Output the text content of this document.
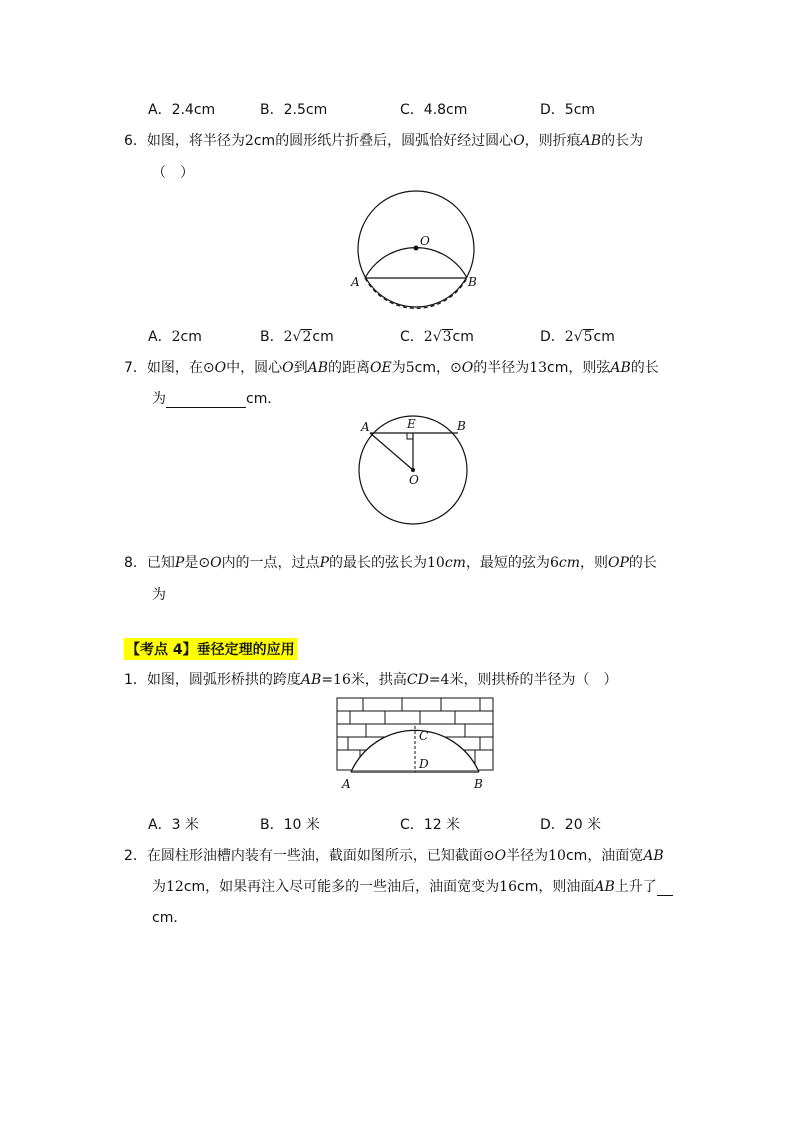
A．2.4cm	B．2.5cm	C．4.8cm	D．5cm
6．如图，将半径为2cm的圆形纸片折叠后，圆弧恰好经过圆心O，则折痕AB的长为
（　）
O
A	B
A．2cm	B．2√2cm	C．2√3cm	D．2√5cm
7．如图，在⊙O中，圆心O到AB的距离OE为5cm，⊙O的半径为13cm，则弦AB的长
为	cm．
A	E	B
O
8．已知P是⊙O内的一点，过点P的最长的弦长为10cm，最短的弦为6cm，则OP的长
为
【考点 4】垂径定理的应用
1．如图，圆弧形桥拱的跨度AB=16米，拱高CD=4米，则拱桥的半径为（　）
C
D
A	B
A．3 米	B．10 米	C．12 米	D．20 米
2．在圆柱形油槽内装有一些油，截面如图所示，已知截面⊙O半径为10cm，油面宽AB
为12cm，如果再注入尽可能多的一些油后，油面宽变为16cm，则油面AB上升了
cm．
